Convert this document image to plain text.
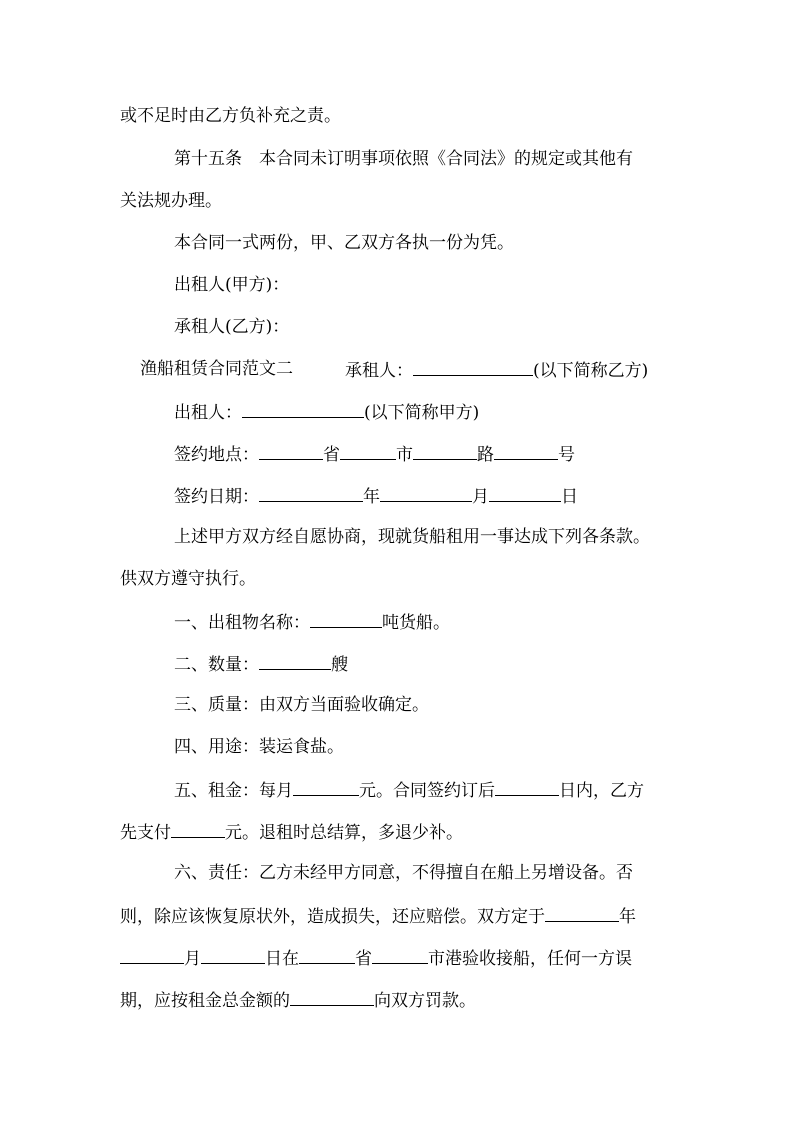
或不足时由乙方负补充之责。
第十五条　本合同未订明事项依照《合同法》的规定或其他有
关法规办理。
本合同一式两份，甲、乙双方各执一份为凭。
出租人(甲方)：
承租人(乙方)：
渔船租赁合同范文二	承租人：	(以下简称乙方)
出租人：	(以下简称甲方)
签约地点：	省	市	路	号
签约日期：	年	月	日
上述甲方双方经自愿协商，现就货船租用一事达成下列各条款。
供双方遵守执行。
一、出租物名称：	吨货船。
二、数量：	艘
三、质量：由双方当面验收确定。
四、用途：装运食盐。
五、租金：每月	元。合同签约订后	日内，乙方
先支付	元。退租时总结算，多退少补。
六、责任：乙方未经甲方同意，不得擅自在船上另增设备。否
则，除应该恢复原状外，造成损失，还应赔偿。双方定于	年
月	日在	省	市港验收接船，任何一方误
期，应按租金总金额的	向双方罚款。
